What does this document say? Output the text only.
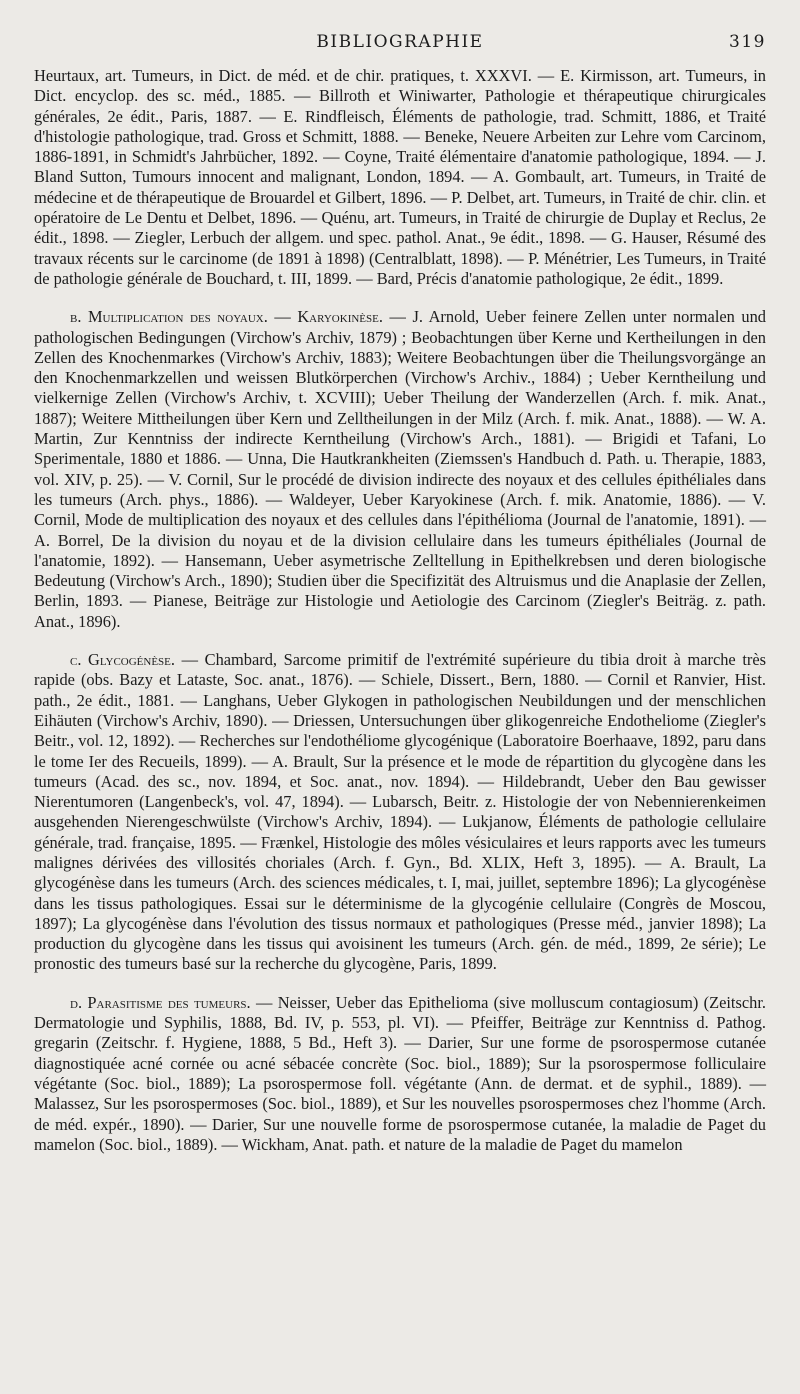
BIBLIOGRAPHIE	319

Heurtaux, art. Tumeurs, in Dict. de méd. et de chir. pratiques, t. XXXVI. — E. Kirmisson, art. Tumeurs, in Dict. encyclop. des sc. méd., 1885. — Billroth et Winiwarter, Pathologie et thérapeutique chirurgicales générales, 2e édit., Paris, 1887. — E. Rindfleisch, Éléments de pathologie, trad. Schmitt, 1886, et Traité d'histologie pathologique, trad. Gross et Schmitt, 1888. — Beneke, Neuere Arbeiten zur Lehre vom Carcinom, 1886-1891, in Schmidt's Jahrbücher, 1892. — Coyne, Traité élémentaire d'anatomie pathologique, 1894. — J. Bland Sutton, Tumours innocent and malignant, London, 1894. — A. Gombault, art. Tumeurs, in Traité de médecine et de thérapeutique de Brouardel et Gilbert, 1896. — P. Delbet, art. Tumeurs, in Traité de chir. clin. et opératoire de Le Dentu et Delbet, 1896. — Quénu, art. Tumeurs, in Traité de chirurgie de Duplay et Reclus, 2e édit., 1898. — Ziegler, Lerbuch der allgem. und spec. pathol. Anat., 9e édit., 1898. — G. Hauser, Résumé des travaux récents sur le carcinome (de 1891 à 1898) (Centralblatt, 1898). — P. Ménétrier, Les Tumeurs, in Traité de pathologie générale de Bouchard, t. III, 1899. — Bard, Précis d'anatomie pathologique, 2e édit., 1899.

b. Multiplication des noyaux. — Karyokinèse. — J. Arnold, Ueber feinere Zellen unter normalen und pathologischen Bedingungen (Virchow's Archiv, 1879) ; Beobachtungen über Kerne und Kertheilungen in den Zellen des Knochenmarkes (Virchow's Archiv, 1883); Weitere Beobachtungen über die Theilungsvorgänge an den Knochenmarkzellen und weissen Blutkörperchen (Virchow's Archiv., 1884) ; Ueber Kerntheilung und vielkernige Zellen (Virchow's Archiv, t. XCVIII); Ueber Theilung der Wanderzellen (Arch. f. mik. Anat., 1887); Weitere Mittheilungen über Kern und Zelltheilungen in der Milz (Arch. f. mik. Anat., 1888). — W. A. Martin, Zur Kenntniss der indirecte Kerntheilung (Virchow's Arch., 1881). — Brigidi et Tafani, Lo Sperimentale, 1880 et 1886. — Unna, Die Hautkrankheiten (Ziemssen's Handbuch d. Path. u. Therapie, 1883, vol. XIV, p. 25). — V. Cornil, Sur le procédé de division indirecte des noyaux et des cellules épithéliales dans les tumeurs (Arch. phys., 1886). — Waldeyer, Ueber Karyokinese (Arch. f. mik. Anatomie, 1886). — V. Cornil, Mode de multiplication des noyaux et des cellules dans l'épithélioma (Journal de l'anatomie, 1891). — A. Borrel, De la division du noyau et de la division cellulaire dans les tumeurs épithéliales (Journal de l'anatomie, 1892). — Hansemann, Ueber asymetrische Zelltellung in Epithelkrebsen und deren biologische Bedeutung (Virchow's Arch., 1890); Studien über die Specifizität des Altruismus und die Anaplasie der Zellen, Berlin, 1893. — Pianese, Beiträge zur Histologie und Aetiologie des Carcinom (Ziegler's Beiträg. z. path. Anat., 1896).

c. Glycogénèse. — Chambard, Sarcome primitif de l'extrémité supérieure du tibia droit à marche très rapide (obs. Bazy et Lataste, Soc. anat., 1876). — Schiele, Dissert., Bern, 1880. — Cornil et Ranvier, Hist. path., 2e édit., 1881. — Langhans, Ueber Glykogen in pathologischen Neubildungen und der menschlichen Eihäuten (Virchow's Archiv, 1890). — Driessen, Untersuchungen über glikogenreiche Endotheliome (Ziegler's Beitr., vol. 12, 1892). — Recherches sur l'endothéliome glycogénique (Laboratoire Boerhaave, 1892, paru dans le tome Ier des Recueils, 1899). — A. Brault, Sur la présence et le mode de répartition du glycogène dans les tumeurs (Acad. des sc., nov. 1894, et Soc. anat., nov. 1894). — Hildebrandt, Ueber den Bau gewisser Nierentumoren (Langenbeck's, vol. 47, 1894). — Lubarsch, Beitr. z. Histologie der von Nebennierenkeimen ausgehenden Nierengeschwülste (Virchow's Archiv, 1894). — Lukjanow, Éléments de pathologie cellulaire générale, trad. française, 1895. — Frænkel, Histologie des môles vésiculaires et leurs rapports avec les tumeurs malignes dérivées des villosités choriales (Arch. f. Gyn., Bd. XLIX, Heft 3, 1895). — A. Brault, La glycogénèse dans les tumeurs (Arch. des sciences médicales, t. I, mai, juillet, septembre 1896); La glycogénèse dans les tissus pathologiques. Essai sur le déterminisme de la glycogénie cellulaire (Congrès de Moscou, 1897); La glycogénèse dans l'évolution des tissus normaux et pathologiques (Presse méd., janvier 1898); La production du glycogène dans les tissus qui avoisinent les tumeurs (Arch. gén. de méd., 1899, 2e série); Le pronostic des tumeurs basé sur la recherche du glycogène, Paris, 1899.

d. Parasitisme des tumeurs. — Neisser, Ueber das Epithelioma (sive molluscum contagiosum) (Zeitschr. Dermatologie und Syphilis, 1888, Bd. IV, p. 553, pl. VI). — Pfeiffer, Beiträge zur Kenntniss d. Pathog. gregarin (Zeitschr. f. Hygiene, 1888, 5 Bd., Heft 3). — Darier, Sur une forme de psorospermose cutanée diagnostiquée acné cornée ou acné sébacée concrète (Soc. biol., 1889); Sur la psorospermose folliculaire végétante (Soc. biol., 1889); La psorospermose foll. végétante (Ann. de dermat. et de syphil., 1889). — Malassez, Sur les psorospermoses (Soc. biol., 1889), et Sur les nouvelles psorospermoses chez l'homme (Arch. de méd. expér., 1890). — Darier, Sur une nouvelle forme de psorospermose cutanée, la maladie de Paget du mamelon (Soc. biol., 1889). — Wickham, Anat. path. et nature de la maladie de Paget du mamelon
